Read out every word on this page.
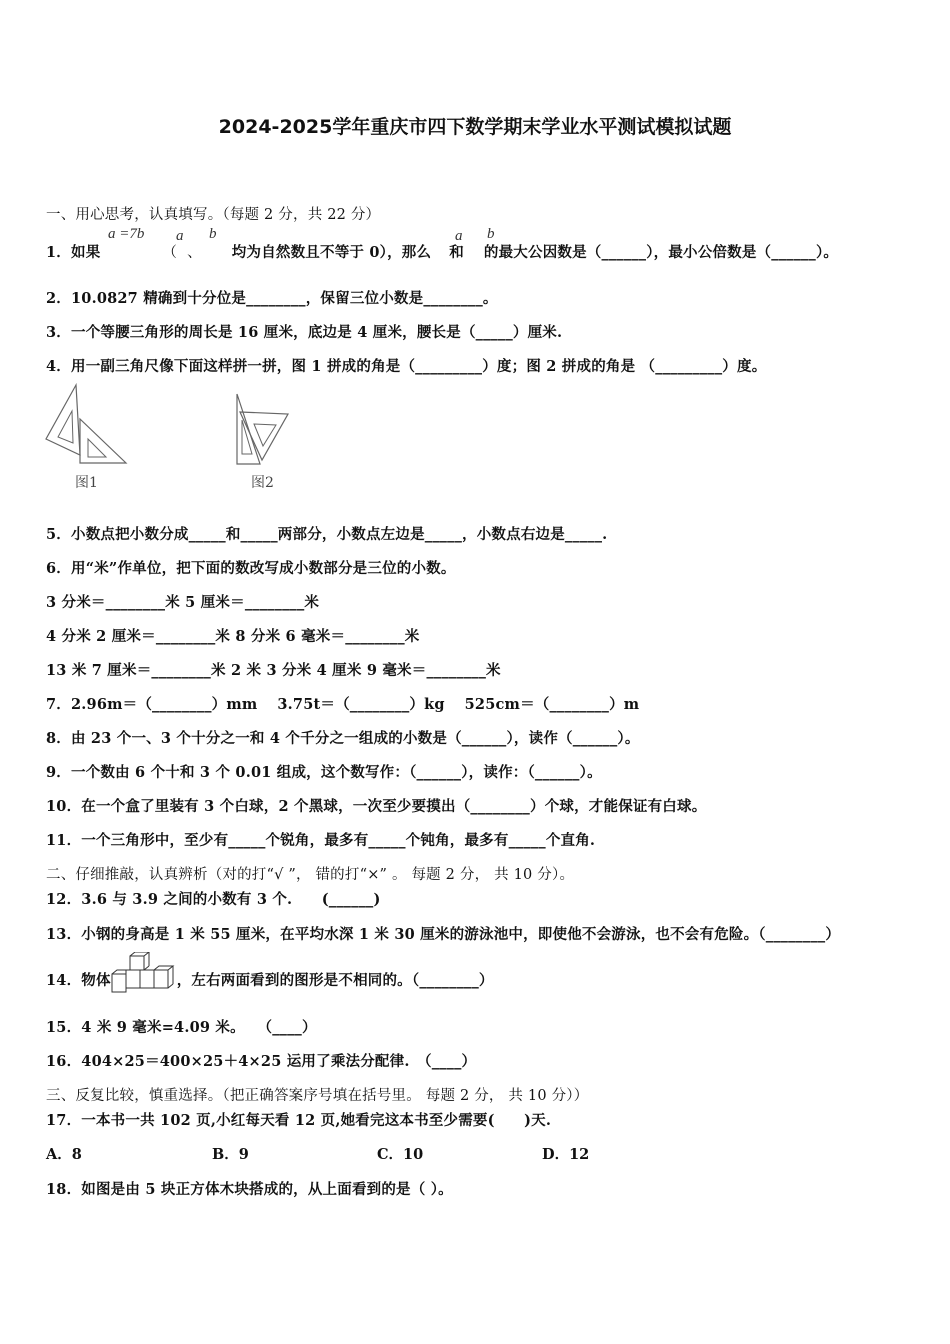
2024-2025学年重庆市四下数学期末学业水平测试模拟试题
一、用心思考，认真填写。（每题 2 分，共 22 分）
1．如果	（ 、 均为自然数且不等于 0），那么 和 的最大公因数是（______），最小公倍数是（______）。
a =7b a b	a b
2．10.0827 精确到十分位是________，保留三位小数是________。
3．一个等腰三角形的周长是 16 厘米，底边是 4 厘米，腰长是（_____）厘米.
4．用一副三角尺像下面这样拼一拼，图 1 拼成的角是（_________）度；图 2 拼成的角是 （_________）度。
图1	图2
5．小数点把小数分成_____和_____两部分，小数点左边是_____，小数点右边是_____.
6．用“米”作单位，把下面的数改写成小数部分是三位的小数。
3 分米＝________米 5 厘米＝________米
4 分米 2 厘米＝________米 8 分米 6 毫米＝________米
13 米 7 厘米＝________米 2 米 3 分米 4 厘米 9 毫米＝________米
7．2.96m＝（________）mm　 3.75t＝（________）kg　 525cm＝（________）m
8．由 23 个一、3 个十分之一和 4 个千分之一组成的小数是（______），读作（______）。
9．一个数由 6 个十和 3 个 0.01 组成，这个数写作：（______），读作：（______）。
10．在一个盒了里装有 3 个白球，2 个黑球，一次至少要摸出（________）个球，才能保证有白球。
11．一个三角形中，至少有_____个锐角，最多有_____个钝角，最多有_____个直角.
二、仔细推敲，认真辨析（对的打“√ ”， 错的打“×” 。 每题 2 分， 共 10 分）。
12．3.6 与 3.9 之间的小数有 3 个.　　(______)
13．小钢的身高是 1 米 55 厘米，在平均水深 1 米 30 厘米的游泳池中，即使他不会游泳，也不会有危险。（________）
14．物体	，左右两面看到的图形是不相同的。（________）
15．4 米 9 毫米=4.09 米。　 （____）
16．404×25＝400×25＋4×25 运用了乘法分配律.　（____）
三、反复比较，慎重选择。（把正确答案序号填在括号里。 每题 2 分， 共 10 分））
17．一本书一共 102 页,小红每天看 12 页,她看完这本书至少需要(　　)天.
A．8	B．9	C．10	D．12
18．如图是由 5 块正方体木块搭成的，从上面看到的是（ ）。
